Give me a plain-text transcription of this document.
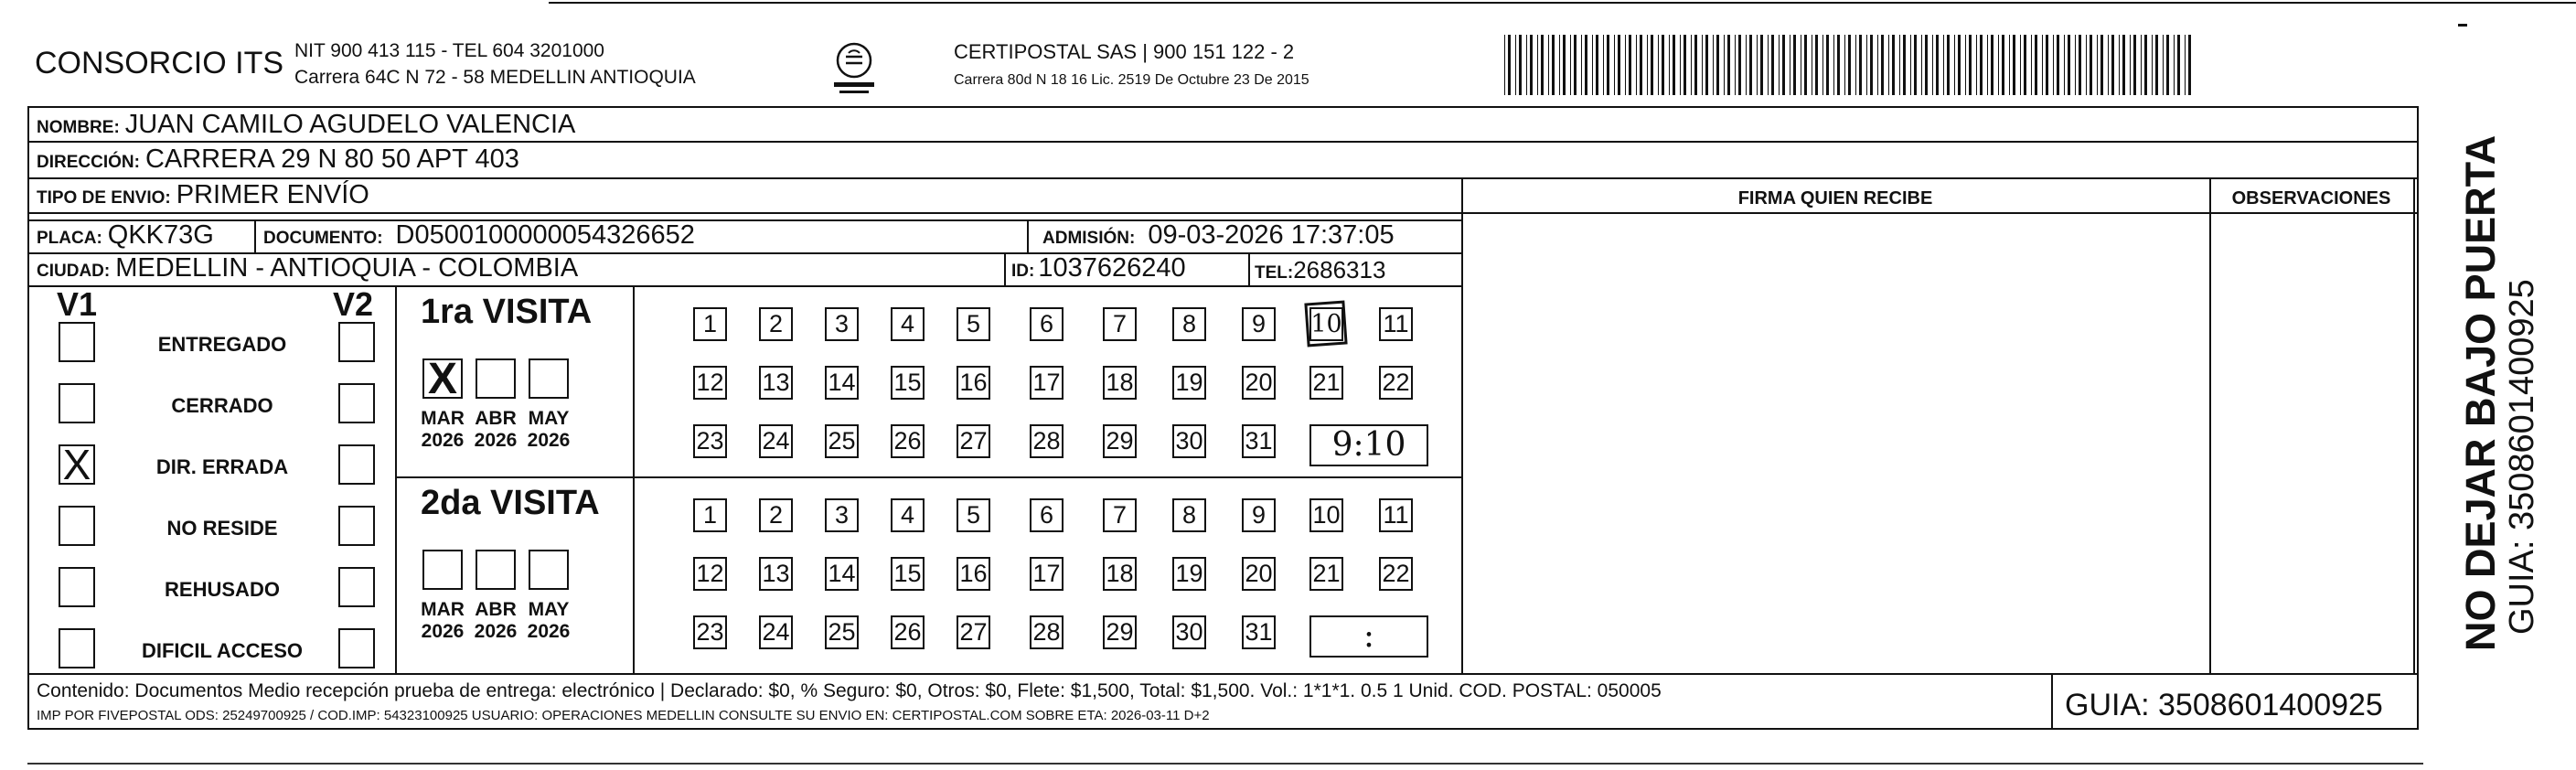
CONSORCIO ITS NIT 900 413 115 - TEL 604 3201000
Carrera 64C N 72 - 58 MEDELLIN ANTIOQUIA
CERTIPOSTAL SAS | 900 151 122 - 2
Carrera 80d N 18 16 Lic. 2519 De Octubre 23 De 2015
NOMBRE: JUAN CAMILO AGUDELO VALENCIA
DIRECCIÓN: CARRERA 29 N 80 50 APT 403
TIPO DE ENVIO: PRIMER ENVÍO
PLACA: QKK73G	DOCUMENTO: D0500100000054326652	ADMISIÓN: 09-03-2026 17:37:05
CIUDAD: MEDELLIN - ANTIOQUIA - COLOMBIA	ID: 1037626240	TEL: 2686313
FIRMA QUIEN RECIBE	OBSERVACIONES
V1	V2
ENTREGADO
CERRADO
X	DIR. ERRADA
NO RESIDE
REHUSADO
DIFICIL ACCESO
1ra VISITA
X
MAR
2026
ABR
2026
MAY
2026
1	2	3	4	5	6	7	8	9	10 11
12 13 14 15 16 17 18 19 20 21 22
23 24 25 26 27 28 29 30 31	9:10
2da VISITA
MAR
2026
ABR
2026
MAY
2026
1	2	3	4	5	6	7	8	9	10 11
12 13 14 15 16 17 18 19 20 21 22
23 24 25 26 27 28 29 30 31	:
Contenido: Documentos Medio recepción prueba de entrega: electrónico | Declarado: $0, % Seguro: $0, Otros: $0, Flete: $1,500, Total: $1,500. Vol.: 1*1*1. 0.5 1 Unid. COD. POSTAL: 050005
IMP POR FIVEPOSTAL ODS: 25249700925 / COD.IMP: 54323100925 USUARIO: OPERACIONES MEDELLIN CONSULTE SU ENVIO EN: CERTIPOSTAL.COM SOBRE ETA: 2026-03-11 D+2	GUIA: 3508601400925
NO DEJAR BAJO PUERTA GUIA: 3508601400925
